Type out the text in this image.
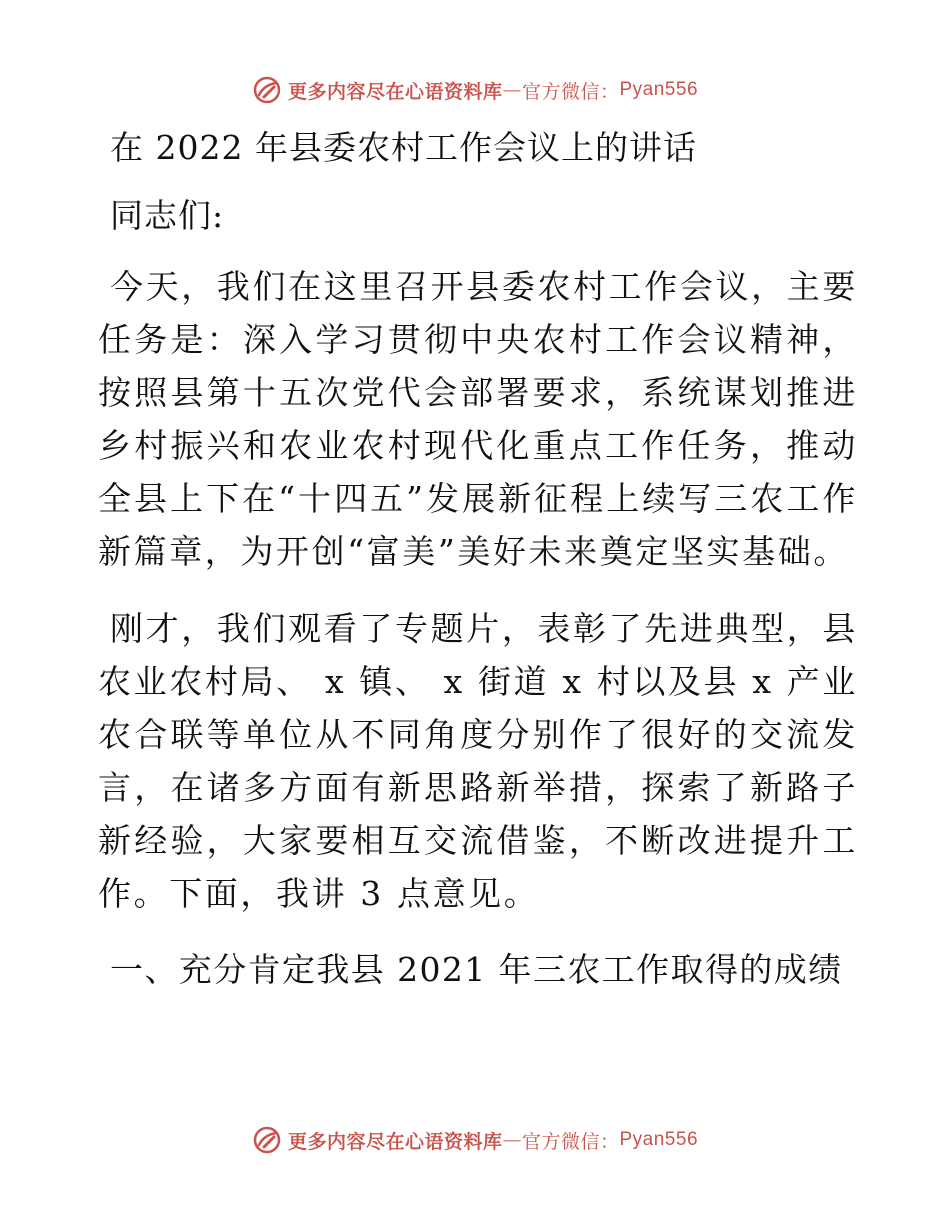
更多内容尽在心语资料库 — 官方微信： Pyan556
在 2022 年县委农村工作会议上的讲话
同志们:

今天，我们在这里召开县委农村工作会议，主要任务是：深入学习贯彻中央农村工作会议精神，按照县第十五次党代会部署要求，系统谋划推进乡村振兴和农业农村现代化重点工作任务，推动全县上下在“十四五”发展新征程上续写三农工作新篇章，为开创“富美”美好未来奠定坚实基础。

刚才，我们观看了专题片，表彰了先进典型，县农业农村局、 x 镇、 x 街道 x 村以及县 x 产业农合联等单位从不同角度分别作了很好的交流发言，在诸多方面有新思路新举措，探索了新路子新经验，大家要相互交流借鉴，不断改进提升工作。下面，我讲 3 点意见。

一、充分肯定我县 2021 年三农工作取得的成绩
更多内容尽在心语资料库 — 官方微信： Pyan556
